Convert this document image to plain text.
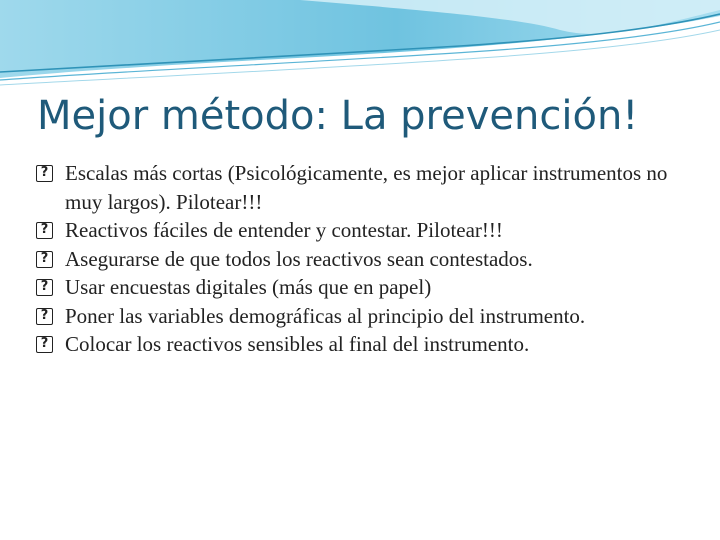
Mejor método: La prevención!
? Escalas más cortas (Psicológicamente, es mejor aplicar instrumentos no muy largos). Pilotear!!!
? Reactivos fáciles de entender y contestar. Pilotear!!!
? Asegurarse de que todos los reactivos sean contestados.
? Usar encuestas digitales (más que en papel)
? Poner las variables demográficas al principio del instrumento.
? Colocar los reactivos sensibles al final del instrumento.
